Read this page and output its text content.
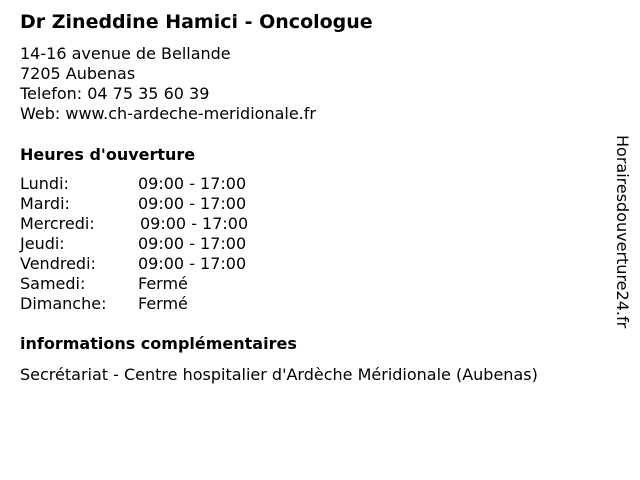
Dr Zineddine Hamici - Oncologue
14-16 avenue de Bellande
7205 Aubenas
Telefon: 04 75 35 60 39
Web: www.ch-ardeche-meridionale.fr
Heures d'ouverture
Lundi:	09:00 - 17:00
Mardi:	09:00 - 17:00
Mercredi:	09:00 - 17:00
Jeudi:	09:00 - 17:00
Vendredi:	09:00 - 17:00
Samedi:	Fermé
Dimanche: Fermé
informations complémentaires
Secrétariat - Centre hospitalier d'Ardèche Méridionale (Aubenas)
Horairesdouverture24.fr
